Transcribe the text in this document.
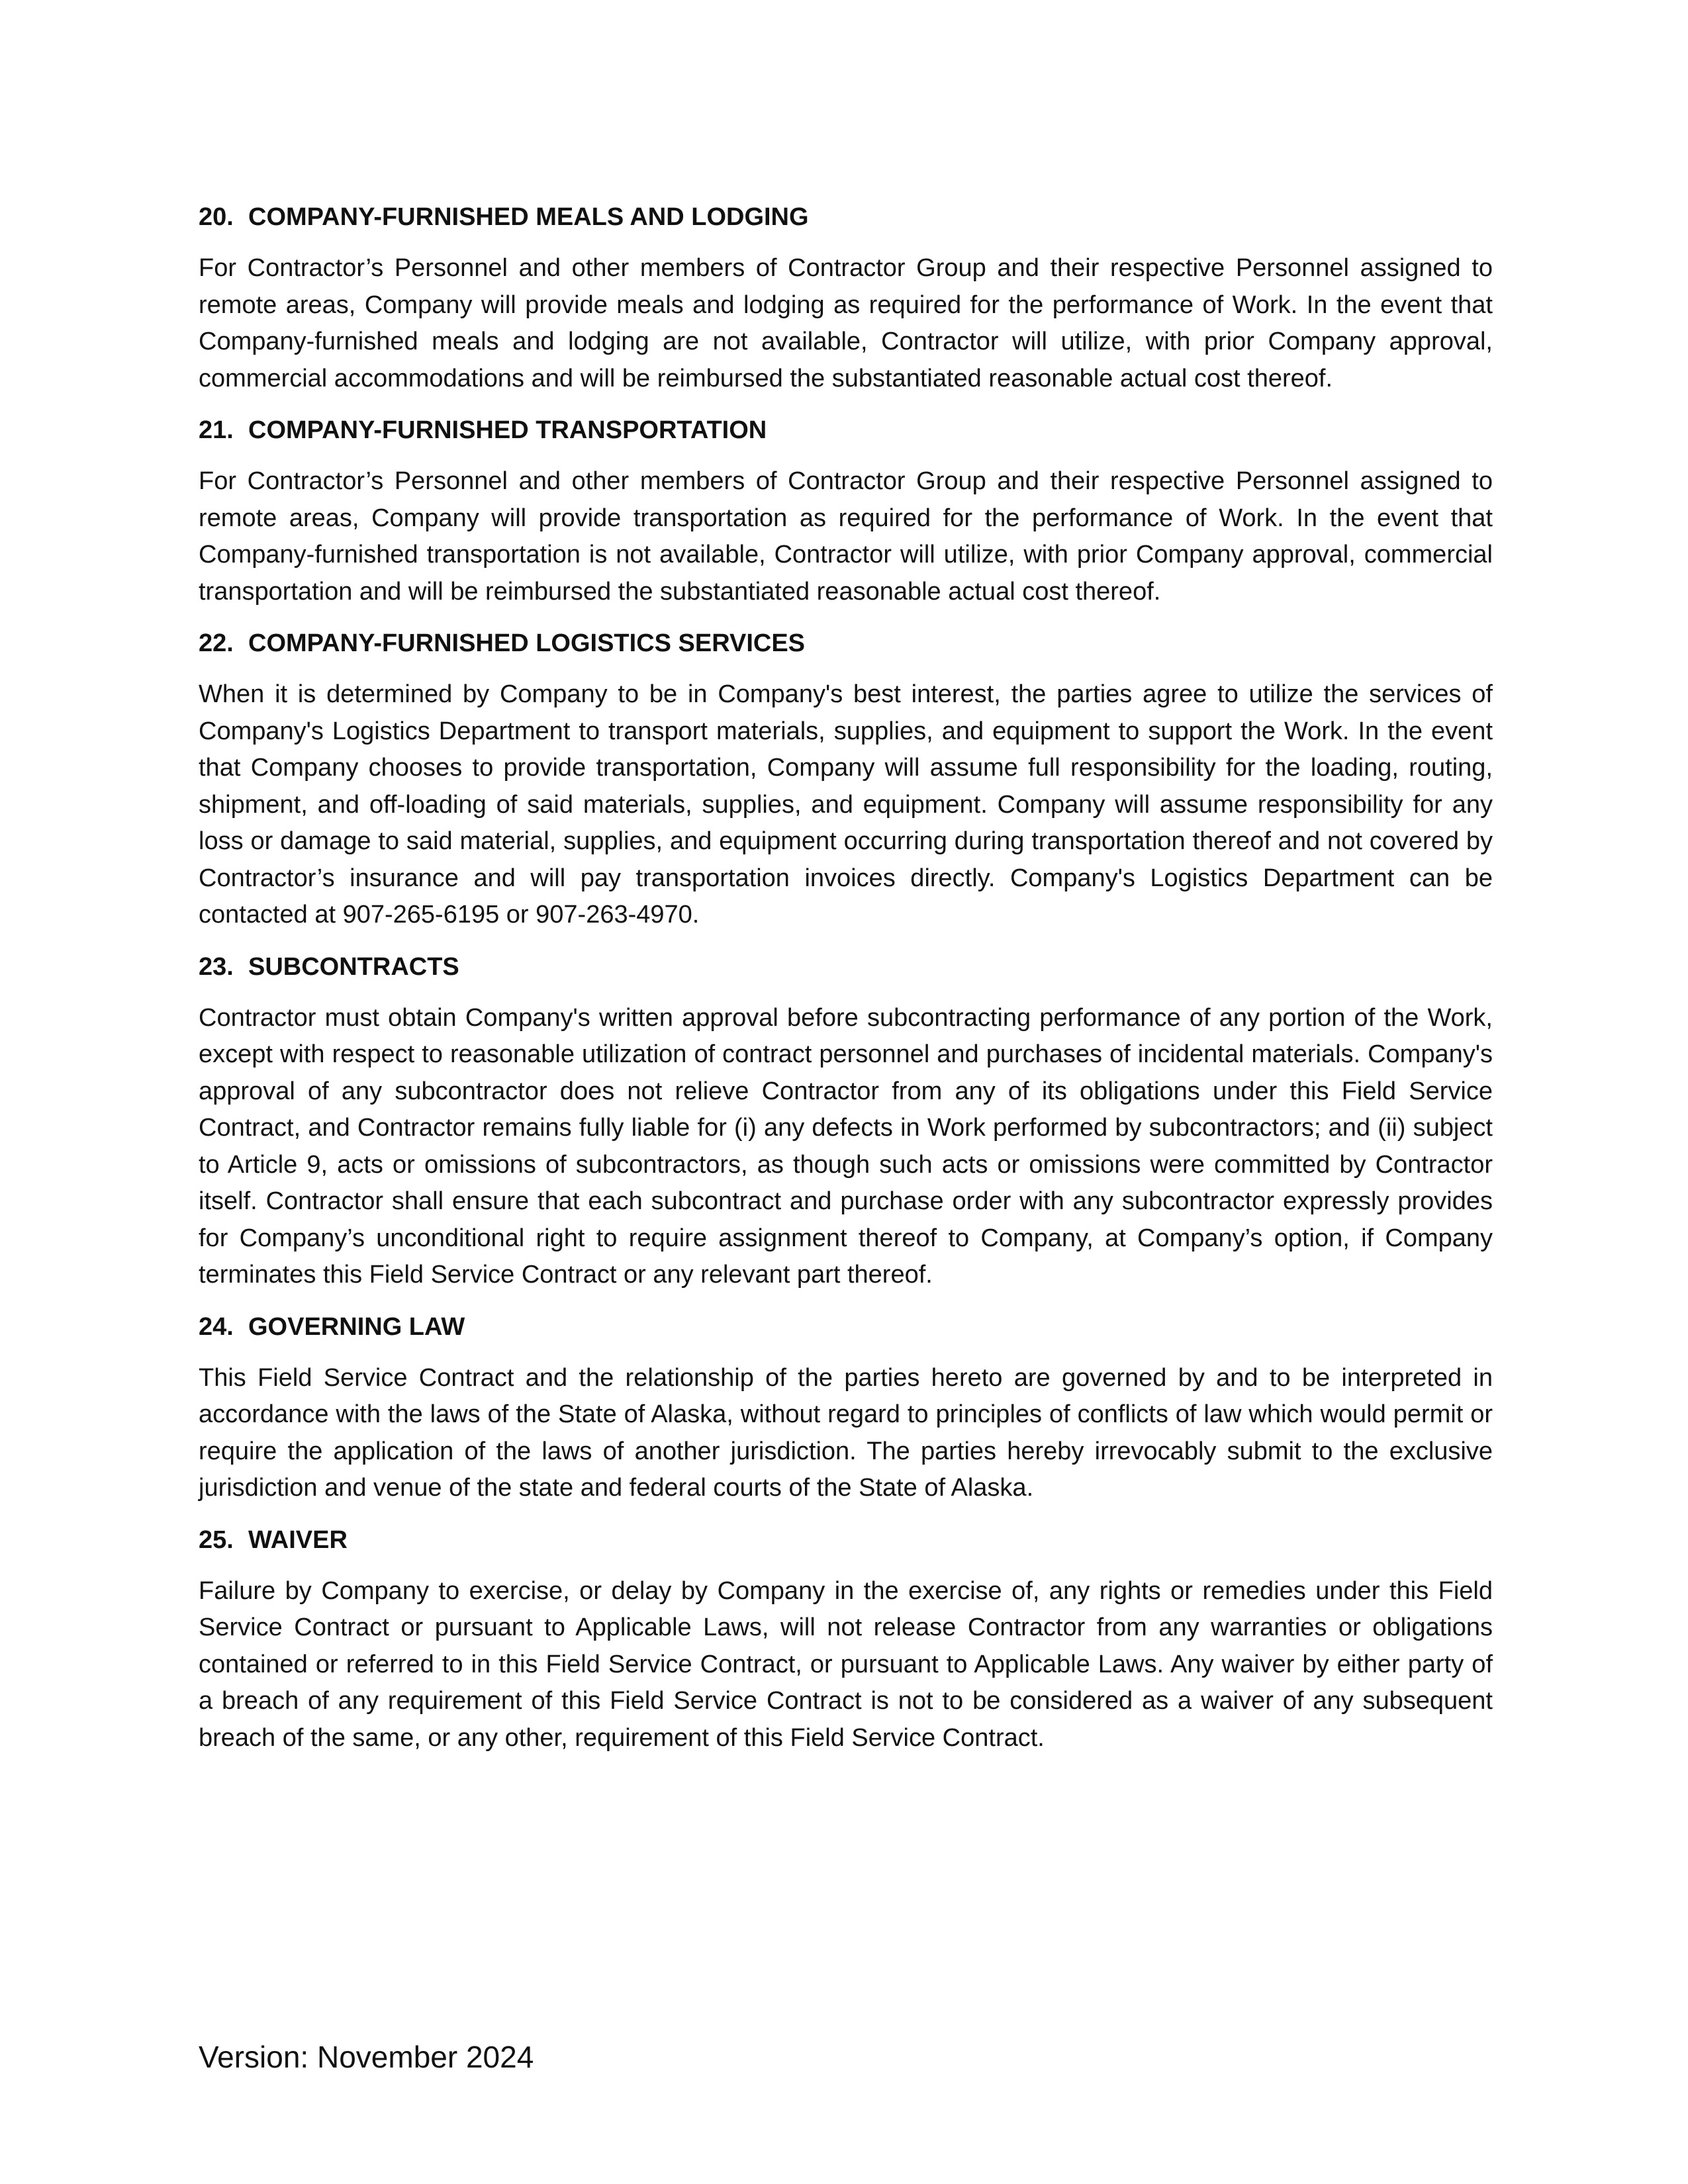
20. COMPANY-FURNISHED MEALS AND LODGING

For Contractor’s Personnel and other members of Contractor Group and their respective Personnel assigned to remote areas, Company will provide meals and lodging as required for the performance of Work. In the event that Company-furnished meals and lodging are not available, Contractor will utilize, with prior Company approval, commercial accommodations and will be reimbursed the substantiated reasonable actual cost thereof.

21. COMPANY-FURNISHED TRANSPORTATION

For Contractor’s Personnel and other members of Contractor Group and their respective Personnel assigned to remote areas, Company will provide transportation as required for the performance of Work. In the event that Company-furnished transportation is not available, Contractor will utilize, with prior Company approval, commercial transportation and will be reimbursed the substantiated reasonable actual cost thereof.

22. COMPANY-FURNISHED LOGISTICS SERVICES

When it is determined by Company to be in Company's best interest, the parties agree to utilize the services of Company's Logistics Department to transport materials, supplies, and equipment to support the Work. In the event that Company chooses to provide transportation, Company will assume full responsibility for the loading, routing, shipment, and off-loading of said materials, supplies, and equipment. Company will assume responsibility for any loss or damage to said material, supplies, and equipment occurring during transportation thereof and not covered by Contractor’s insurance and will pay transportation invoices directly. Company's Logistics Department can be contacted at 907-265-6195 or 907-263-4970.

23. SUBCONTRACTS

Contractor must obtain Company's written approval before subcontracting performance of any portion of the Work, except with respect to reasonable utilization of contract personnel and purchases of incidental materials. Company's approval of any subcontractor does not relieve Contractor from any of its obligations under this Field Service Contract, and Contractor remains fully liable for (i) any defects in Work performed by subcontractors; and (ii) subject to Article 9, acts or omissions of subcontractors, as though such acts or omissions were committed by Contractor itself. Contractor shall ensure that each subcontract and purchase order with any subcontractor expressly provides for Company’s unconditional right to require assignment thereof to Company, at Company’s option, if Company terminates this Field Service Contract or any relevant part thereof.

24. GOVERNING LAW

This Field Service Contract and the relationship of the parties hereto are governed by and to be interpreted in accordance with the laws of the State of Alaska, without regard to principles of conflicts of law which would permit or require the application of the laws of another jurisdiction. The parties hereby irrevocably submit to the exclusive jurisdiction and venue of the state and federal courts of the State of Alaska.

25. WAIVER

Failure by Company to exercise, or delay by Company in the exercise of, any rights or remedies under this Field Service Contract or pursuant to Applicable Laws, will not release Contractor from any warranties or obligations contained or referred to in this Field Service Contract, or pursuant to Applicable Laws. Any waiver by either party of a breach of any requirement of this Field Service Contract is not to be considered as a waiver of any subsequent breach of the same, or any other, requirement of this Field Service Contract.

Version: November 2024
